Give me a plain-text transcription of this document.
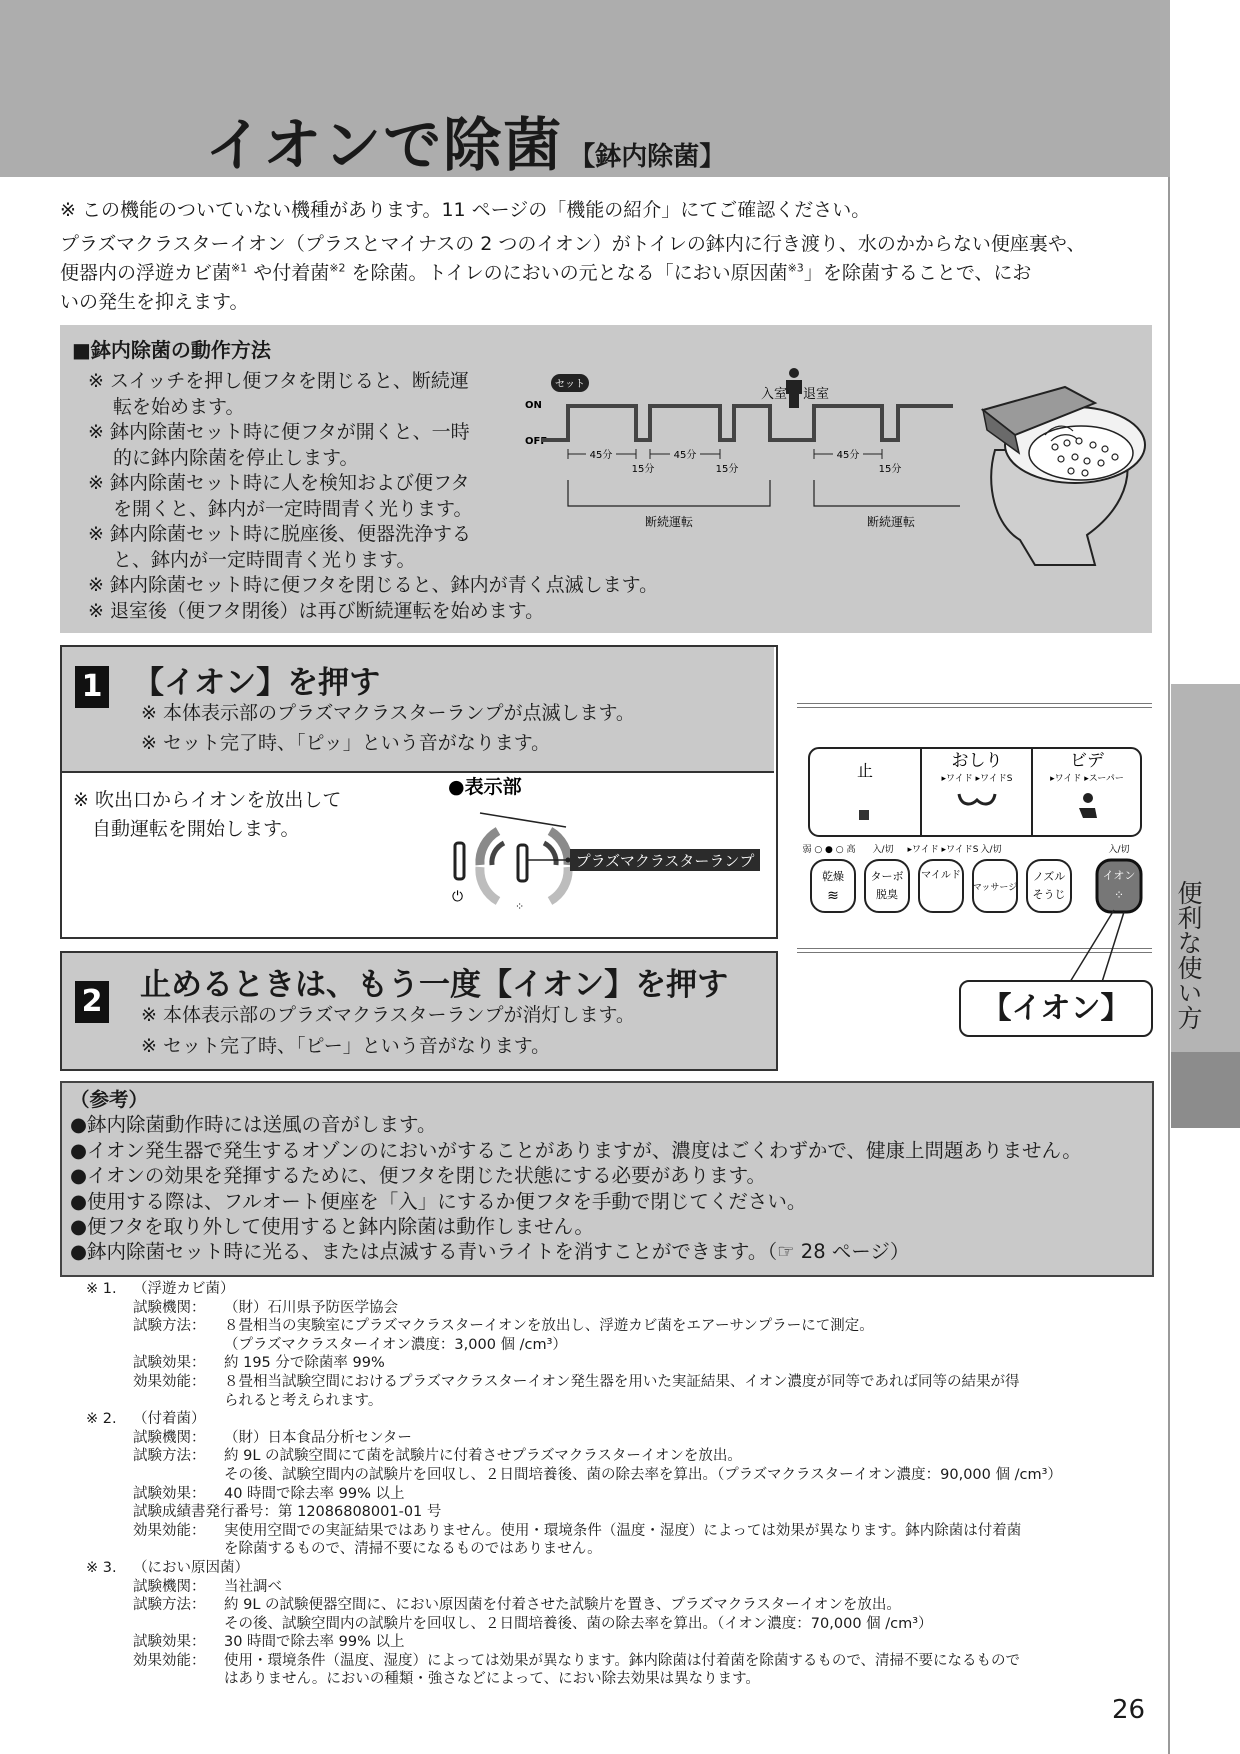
イオンで除菌 【鉢内除菌】
便利な使い方
※ この機能のついていない機種があります。11 ページの「機能の紹介」にてご確認ください。
プラズマクラスターイオン（プラスとマイナスの 2 つのイオン）がトイレの鉢内に行き渡り、水のかからない便座裏や、
便器内の浮遊カビ菌$^{※1}$ や付着菌$^{※2}$ を除菌。トイレのにおいの元となる「におい原因菌$^{※3}$」を除菌することで、にお
いの発生を抑えます。
■鉢内除菌の動作方法
※ スイッチを押し便フタを閉じると、断続運
　 転を始めます。
※ 鉢内除菌セット時に便フタが開くと、一時
　 的に鉢内除菌を停止します。
※ 鉢内除菌セット時に人を検知および便フタ
　 を開くと、鉢内が一定時間青く光ります。
※ 鉢内除菌セット時に脱座後、便器洗浄する
　 と、鉢内が一定時間青く光ります。
※ 鉢内除菌セット時に便フタを閉じると、鉢内が青く点滅します。
※ 退室後（便フタ閉後）は再び断続運転を始めます。
セット
ON
OFF
入室 退室
45分
15分
45分
15分
45分
15分
断続運転	断続運転
1 【イオン】を押す
※ 本体表示部のプラズマクラスターランプが点滅します。
※ セット完了時、「ピッ」という音がなります。
※ 吹出口からイオンを放出して
　自動運転を開始します。
●表示部
⏻
プラズマクラスターランプ
⁘
2 止めるときは、もう一度【イオン】を押す
※ 本体表示部のプラズマクラスターランプが消灯します。
※ セット完了時、「ピー」という音がなります。
止	おしり
▸ワイド ▸ワイドS
ビデ
▸ワイド ▸スーパー
弱 ○ ● ○ 高 入/切 ▸ワイド ▸ワイドS 入/切	入/切
乾燥
≋
ターボ
脱臭
マイルド
マッサージ
ノズル
そうじ
イオン
⁘
【イオン】
（参考）
●鉢内除菌動作時には送風の音がします。
●イオン発生器で発生するオゾンのにおいがすることがありますが、濃度はごくわずかで、健康上問題ありません。
●イオンの効果を発揮するために、便フタを閉じた状態にする必要があります。
●使用する際は、フルオート便座を「入」にするか便フタを手動で閉じてください。
●便フタを取り外して使用すると鉢内除菌は動作しません。
●鉢内除菌セット時に光る、または点滅する青いライトを消すことができます。（☞ 28 ページ）
※ 1. （浮遊カビ菌）
試験機関： （財）石川県予防医学協会
試験方法： ８畳相当の実験室にプラズマクラスターイオンを放出し、浮遊カビ菌をエアーサンプラーにて測定。
（プラズマクラスターイオン濃度：3,000 個 /cm³）
試験効果： 約 195 分で除菌率 99%
効果効能： ８畳相当試験空間におけるプラズマクラスターイオン発生器を用いた実証結果、イオン濃度が同等であれば同等の結果が得
られると考えられます。
※ 2. （付着菌）
試験機関： （財）日本食品分析センター
試験方法： 約 9L の試験空間にて菌を試験片に付着させプラズマクラスターイオンを放出。
その後、試験空間内の試験片を回収し、２日間培養後、菌の除去率を算出。（プラズマクラスターイオン濃度：90,000 個 /cm³）
試験効果： 40 時間で除去率 99% 以上
試験成績書発行番号：第 12086808001-01 号
効果効能： 実使用空間での実証結果ではありません。使用・環境条件（温度・湿度）によっては効果が異なります。鉢内除菌は付着菌
を除菌するもので、清掃不要になるものではありません。
※ 3. （におい原因菌）
試験機関： 当社調べ
試験方法： 約 9L の試験便器空間に、におい原因菌を付着させた試験片を置き、プラズマクラスターイオンを放出。
その後、試験空間内の試験片を回収し、２日間培養後、菌の除去率を算出。（イオン濃度：70,000 個 /cm³）
試験効果： 30 時間で除去率 99% 以上
効果効能： 使用・環境条件（温度、湿度）によっては効果が異なります。鉢内除菌は付着菌を除菌するもので、清掃不要になるもので
はありません。においの種類・強さなどによって、におい除去効果は異なります。
26
